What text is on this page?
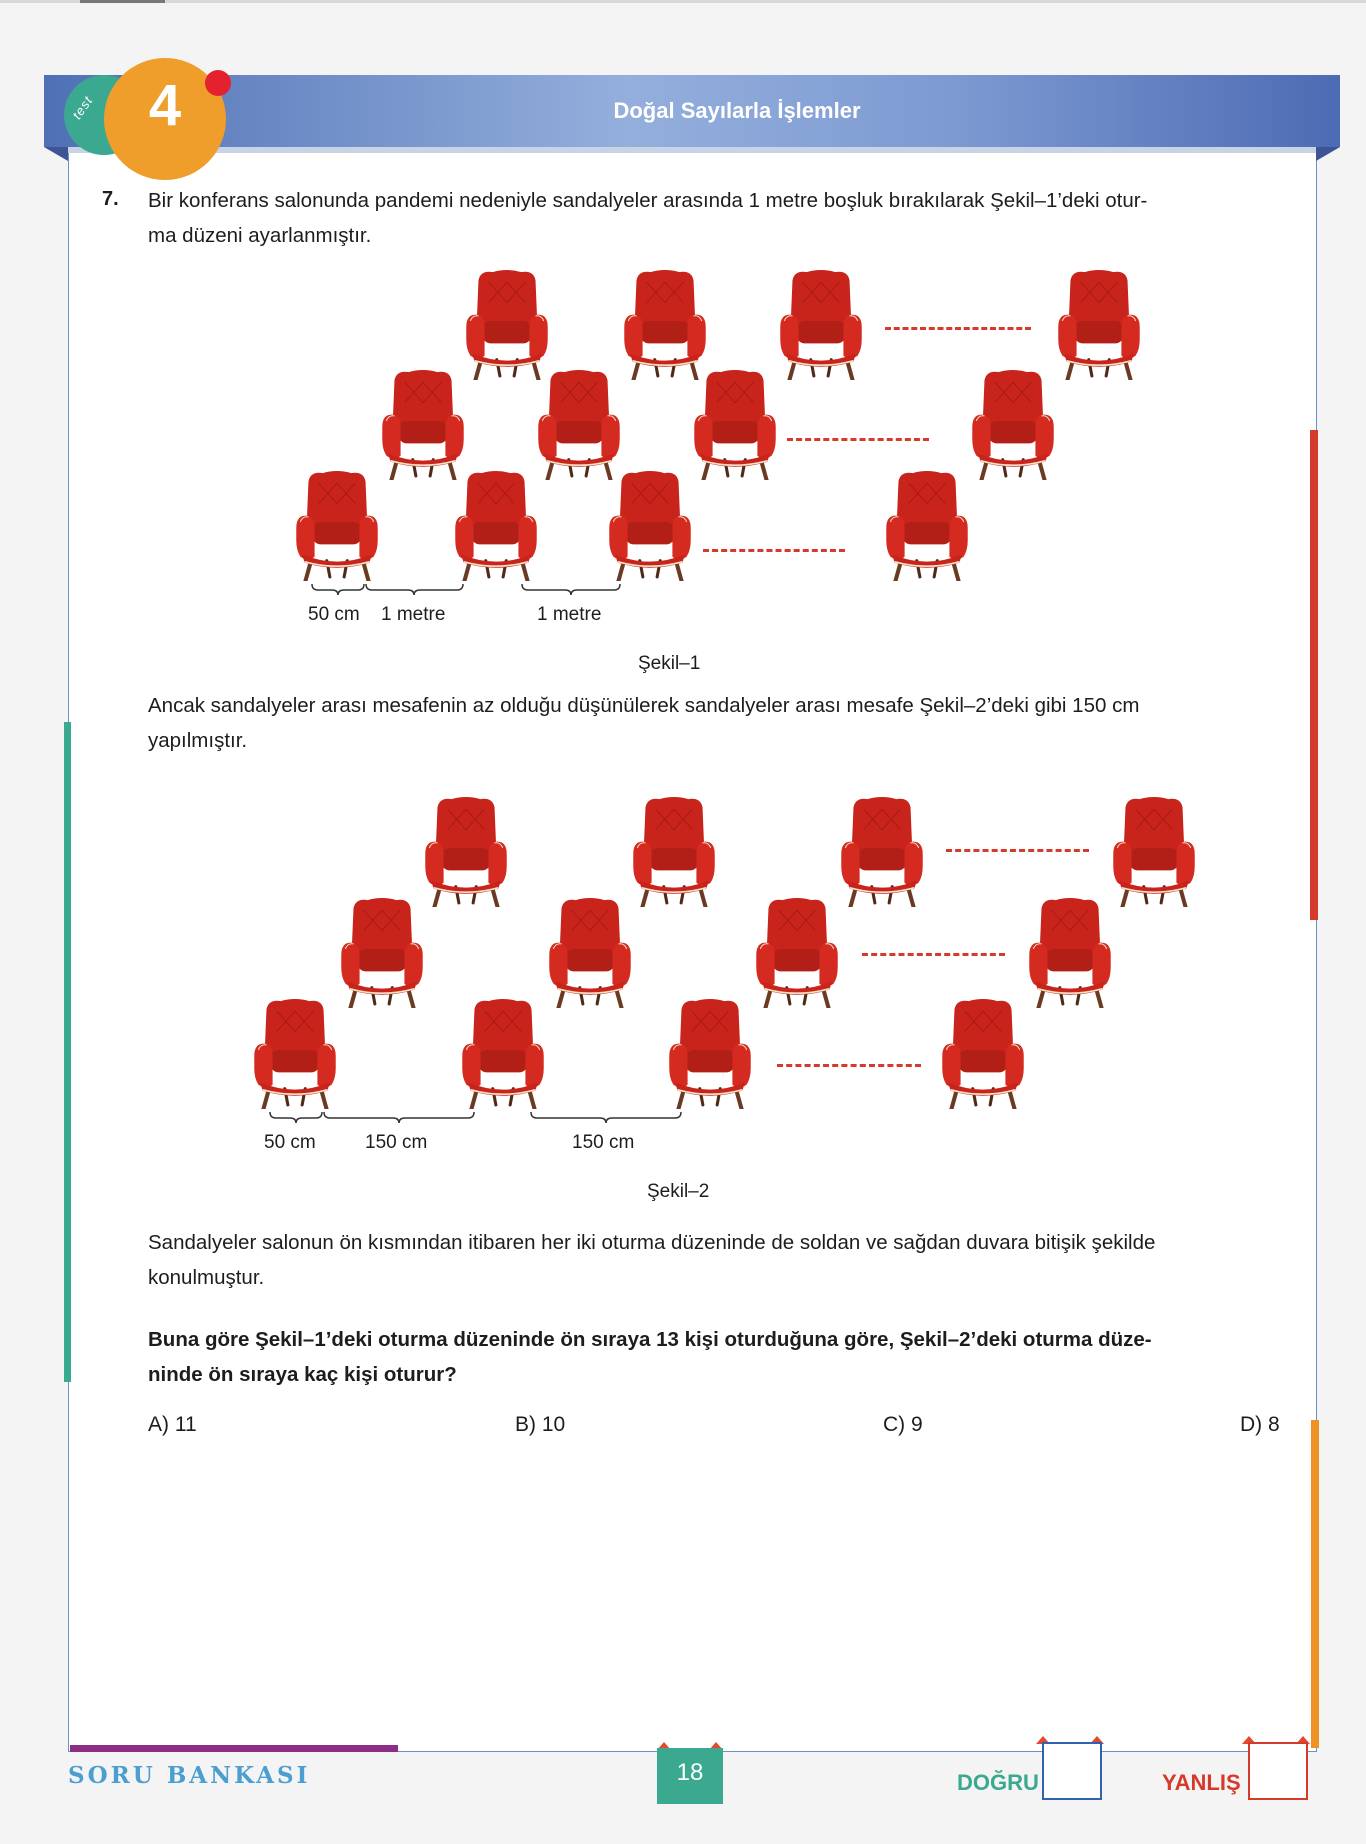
Doğal Sayılarla İşlemler
test 4
7. Bir konferans salonunda pandemi nedeniyle sandalyeler arasında 1 metre boşluk bırakılarak Şekil–1’deki otur-
ma düzeni ayarlanmıştır.
50 cm 1 metre	1 metre
Şekil–1
Ancak sandalyeler arası mesafenin az olduğu düşünülerek sandalyeler arası mesafe Şekil–2’deki gibi 150 cm
yapılmıştır.
50 cm	150 cm	150 cm
Şekil–2
Sandalyeler salonun ön kısmından itibaren her iki oturma düzeninde de soldan ve sağdan duvara bitişik şekilde
konulmuştur.
Buna göre Şekil–1’deki oturma düzeninde ön sıraya 13 kişi oturduğuna göre, Şekil–2’deki oturma düze-
ninde ön sıraya kaç kişi oturur?
A) 11	B) 10	C) 9	D) 8
SORU BANKASI	18	DOĞRU	YANLIŞ
